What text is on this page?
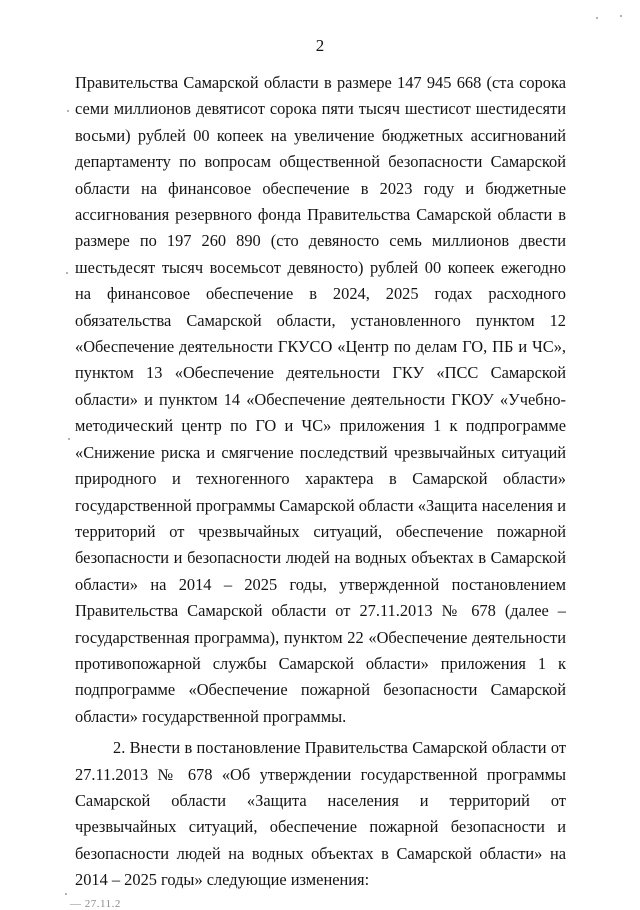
2

Правительства Самарской области в размере 147 945 668 (ста сорока семи миллионов девятисот сорока пяти тысяч шестисот шестидесяти восьми) рублей 00 копеек на увеличение бюджетных ассигнований департаменту по вопросам общественной безопасности Самарской области на финансовое обеспечение в 2023 году и бюджетные ассигнования резервного фонда Правительства Самарской области в размере по 197 260 890 (сто девяносто семь миллионов двести шестьдесят тысяч восемьсот девяносто) рублей 00 копеек ежегодно на финансовое обеспечение в 2024, 2025 годах расходного обязательства Самарской области, установленного пунктом 12 «Обеспечение деятельности ГКУСО «Центр по делам ГО, ПБ и ЧС», пунктом 13 «Обеспечение деятельности ГКУ «ПСС Самарской области» и пунктом 14 «Обеспечение деятельности ГКОУ «Учебно-методический центр по ГО и ЧС» приложения 1 к подпрограмме «Снижение риска и смягчение последствий чрезвычайных ситуаций природного и техногенного характера в Самарской области» государственной программы Самарской области «Защита населения и территорий от чрезвычайных ситуаций, обеспечение пожарной безопасности и безопасности людей на водных объектах в Самарской области» на 2014 – 2025 годы, утвержденной постановлением Правительства Самарской области от 27.11.2013 № 678 (далее – государственная программа), пунктом 22 «Обеспечение деятельности противопожарной службы Самарской области» приложения 1 к подпрограмме «Обеспечение пожарной безопасности Самарской области» государственной программы.

2. Внести в постановление Правительства Самарской области от 27.11.2013 № 678 «Об утверждении государственной программы Самарской области «Защита населения и территорий от чрезвычайных ситуаций, обеспечение пожарной безопасности и безопасности людей на водных объектах в Самарской области» на 2014 – 2025 годы» следующие изменения:

— 27.11.2
